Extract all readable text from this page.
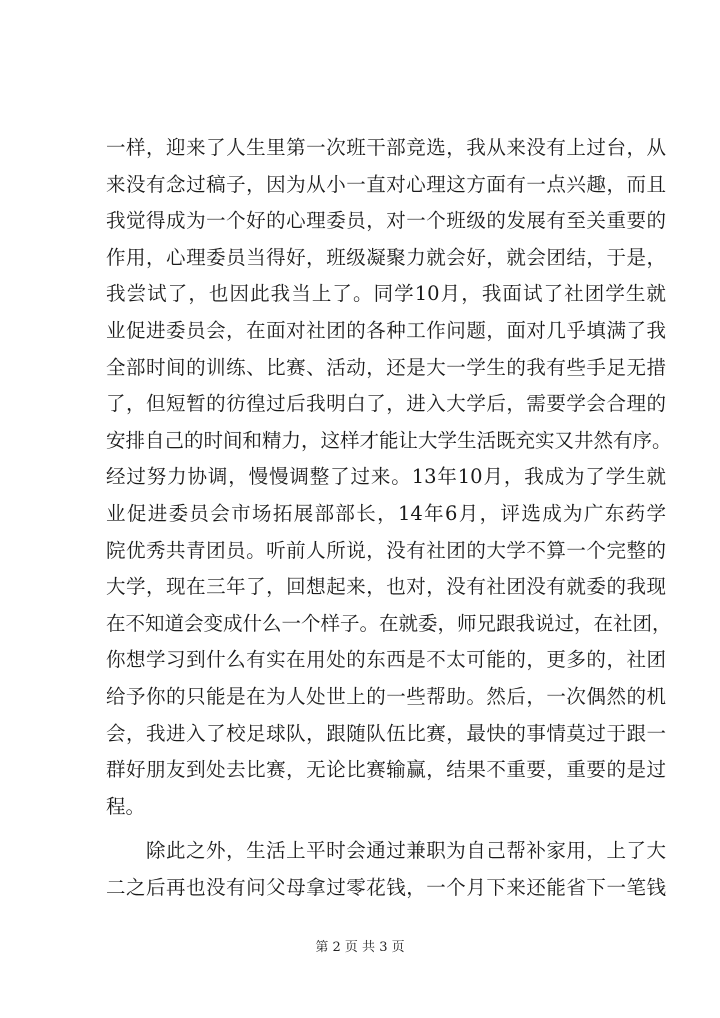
一样，迎来了人生里第一次班干部竞选，我从来没有上过台，从
来没有念过稿子，因为从小一直对心理这方面有一点兴趣，而且
我觉得成为一个好的心理委员，对一个班级的发展有至关重要的
作用，心理委员当得好，班级凝聚力就会好，就会团结，于是，
我尝试了，也因此我当上了。同学10月，我面试了社团学生就
业促进委员会，在面对社团的各种工作问题，面对几乎填满了我
全部时间的训练、比赛、活动，还是大一学生的我有些手足无措
了，但短暂的彷徨过后我明白了，进入大学后，需要学会合理的
安排自己的时间和精力，这样才能让大学生活既充实又井然有序。
经过努力协调，慢慢调整了过来。13年10月，我成为了学生就
业促进委员会市场拓展部部长，14年6月，评选成为广东药学
院优秀共青团员。听前人所说，没有社团的大学不算一个完整的
大学，现在三年了，回想起来，也对，没有社团没有就委的我现
在不知道会变成什么一个样子。在就委，师兄跟我说过，在社团，
你想学习到什么有实在用处的东西是不太可能的，更多的，社团
给予你的只能是在为人处世上的一些帮助。然后，一次偶然的机
会，我进入了校足球队，跟随队伍比赛，最快的事情莫过于跟一
群好朋友到处去比赛，无论比赛输赢，结果不重要，重要的是过
程。
除此之外，生活上平时会通过兼职为自己帮补家用，上了大
二之后再也没有问父母拿过零花钱，一个月下来还能省下一笔钱
第 2 页 共 3 页
